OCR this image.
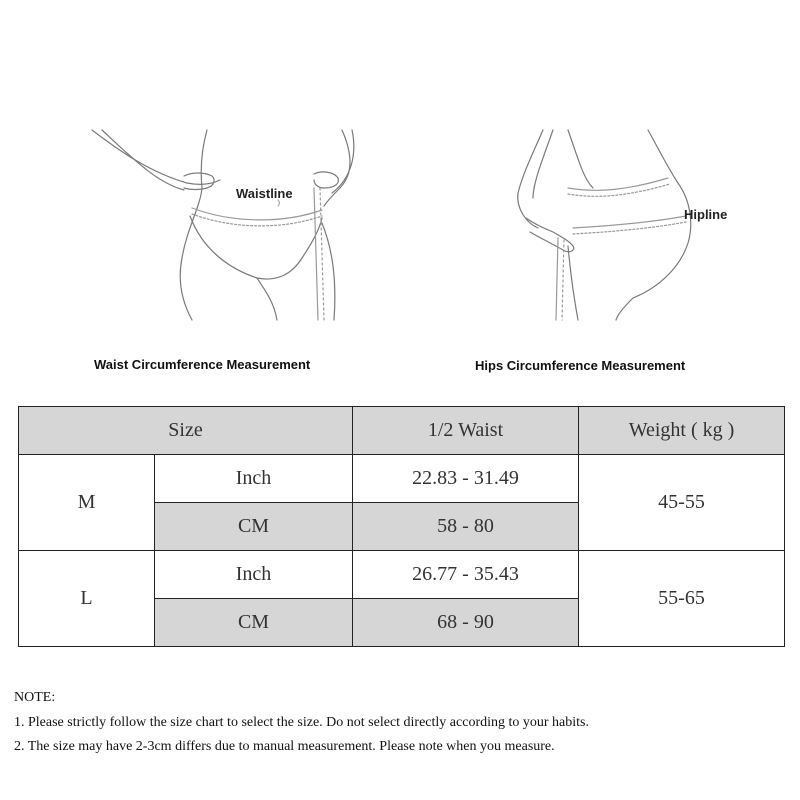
Waistline
Hipline
Waist Circumference Measurement	Hips Circumference Measurement
Size		1/2 Waist	Weight ( kg )
M	Inch	22.83 - 31.49	45-55
	CM	58 - 80	
L	Inch	26.77 - 35.43	55-65
	CM	68 - 90	
NOTE:
1. Please strictly follow the size chart to select the size. Do not select directly according to your habits.
2. The size may have 2-3cm differs due to manual measurement. Please note when you measure.
